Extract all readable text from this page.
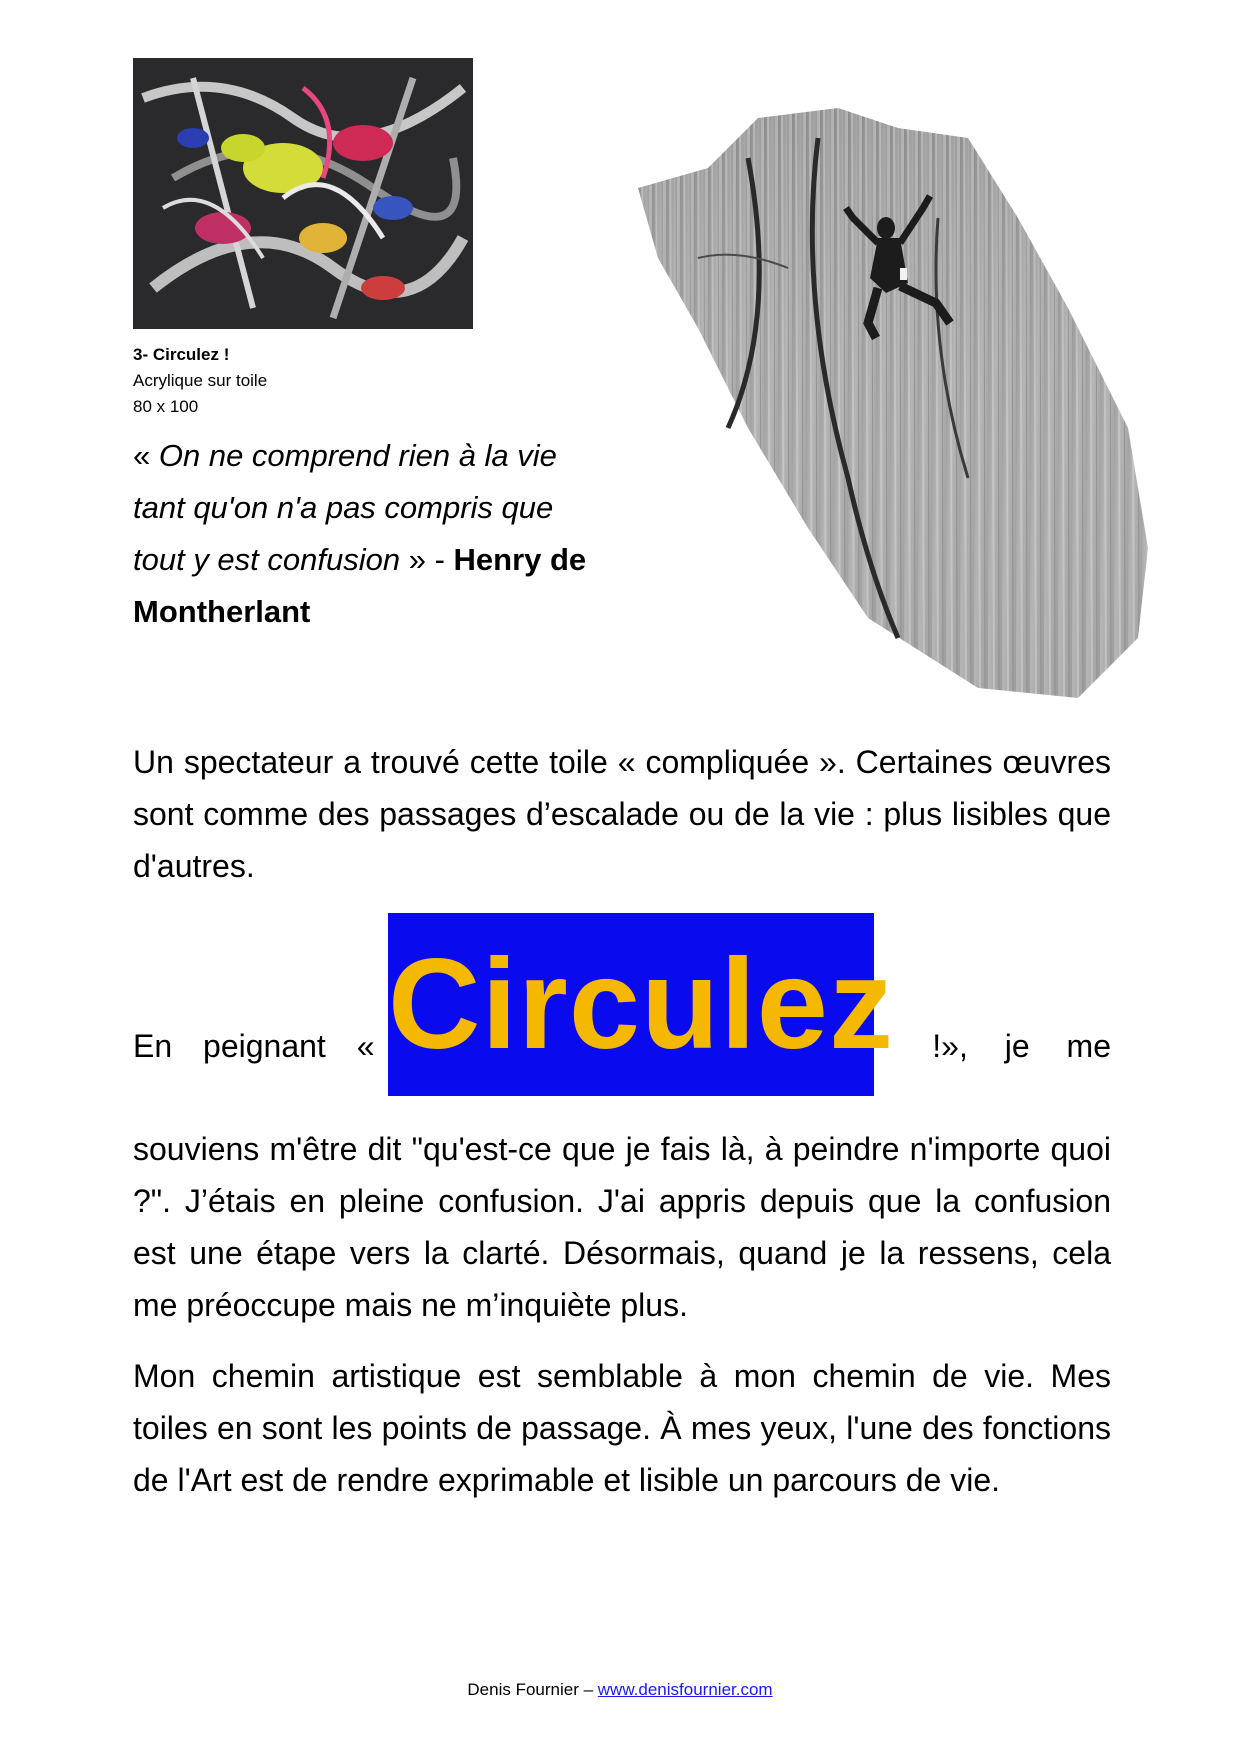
3- Circulez !
Acrylique sur toile
80 x 100
« On ne comprend rien à la vie tant qu'on n'a pas compris que tout y est confusion » - Henry de Montherlant
Un spectateur a trouvé cette toile « compliquée ». Certaines œuvres sont comme des passages d’escalade ou de la vie : plus lisibles que d'autres.
En peignant «	!», je me
Circulez
souviens m'être dit "qu'est-ce que je fais là, à peindre n'importe quoi ?". J’étais en pleine confusion. J'ai appris depuis que la confusion est une étape vers la clarté. Désormais, quand je la ressens, cela me préoccupe mais ne m’inquiète plus.
Mon chemin artistique est semblable à mon chemin de vie. Mes toiles en sont les points de passage. À mes yeux, l'une des fonctions de l'Art est de rendre exprimable et lisible un parcours de vie.
Denis Fournier – www.denisfournier.com
